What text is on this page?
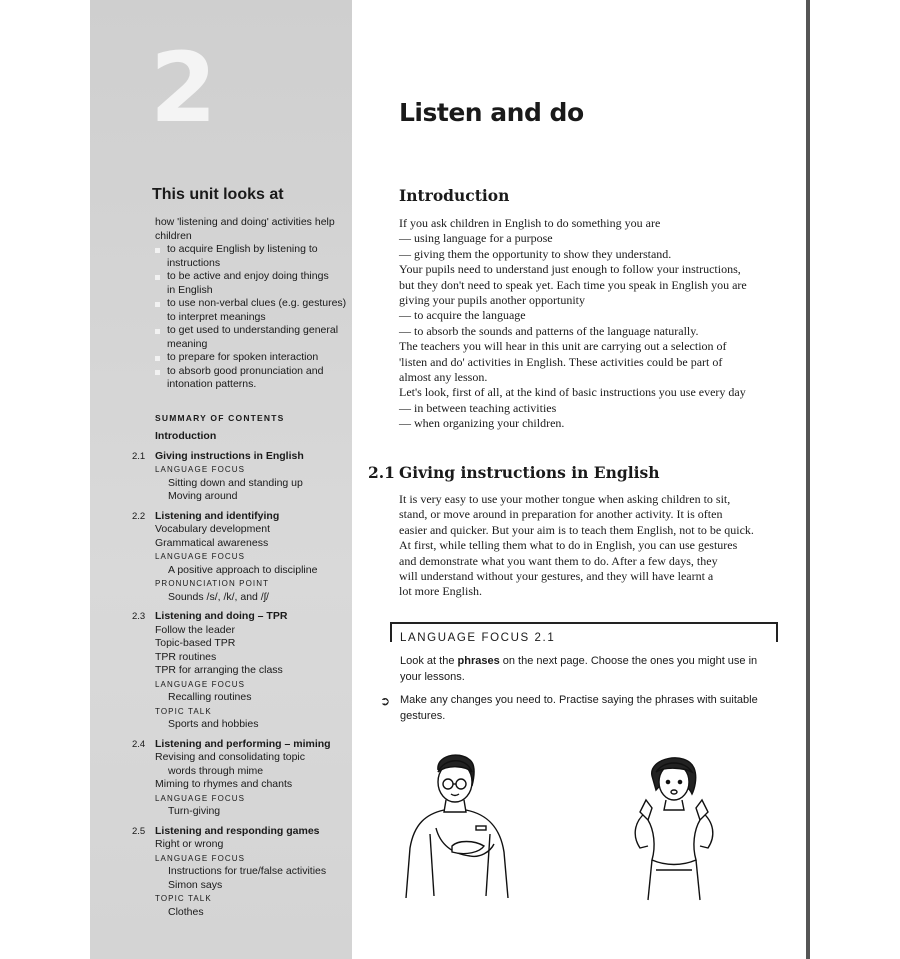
2
This unit looks at
how 'listening and doing' activities help
children
to acquire English by listening to
instructions
to be active and enjoy doing things
in English
to use non-verbal clues (e.g. gestures)
to interpret meanings
to get used to understanding general
meaning
to prepare for spoken interaction
to absorb good pronunciation and
intonation patterns.
SUMMARY OF CONTENTS
Introduction
2.1 Giving instructions in English
LANGUAGE FOCUS
Sitting down and standing up
Moving around
2.2 Listening and identifying
Vocabulary development
Grammatical awareness
LANGUAGE FOCUS
A positive approach to discipline
PRONUNCIATION POINT
Sounds /s/, /k/, and /ʃ/
2.3 Listening and doing – TPR
Follow the leader
Topic-based TPR
TPR routines
TPR for arranging the class
LANGUAGE FOCUS
Recalling routines
TOPIC TALK
Sports and hobbies
2.4 Listening and performing – miming
Revising and consolidating topic
words through mime
Miming to rhymes and chants
LANGUAGE FOCUS
Turn-giving
2.5 Listening and responding games
Right or wrong
LANGUAGE FOCUS
Instructions for true/false activities
Simon says
TOPIC TALK
Clothes
Listen and do
Introduction
If you ask children in English to do something you are
— using language for a purpose
— giving them the opportunity to show they understand.
Your pupils need to understand just enough to follow your instructions,
but they don't need to speak yet. Each time you speak in English you are
giving your pupils another opportunity
— to acquire the language
— to absorb the sounds and patterns of the language naturally.
The teachers you will hear in this unit are carrying out a selection of
'listen and do' activities in English. These activities could be part of
almost any lesson.
Let's look, first of all, at the kind of basic instructions you use every day
— in between teaching activities
— when organizing your children.
2.1 Giving instructions in English
It is very easy to use your mother tongue when asking children to sit,
stand, or move around in preparation for another activity. It is often
easier and quicker. But your aim is to teach them English, not to be quick.
At first, while telling them what to do in English, you can use gestures
and demonstrate what you want them to do. After a few days, they
will understand without your gestures, and they will have learnt a
lot more English.
LANGUAGE FOCUS 2.1
Look at the phrases on the next page. Choose the ones you might use in
your lessons.
➲ Make any changes you need to. Practise saying the phrases with suitable
gestures.
